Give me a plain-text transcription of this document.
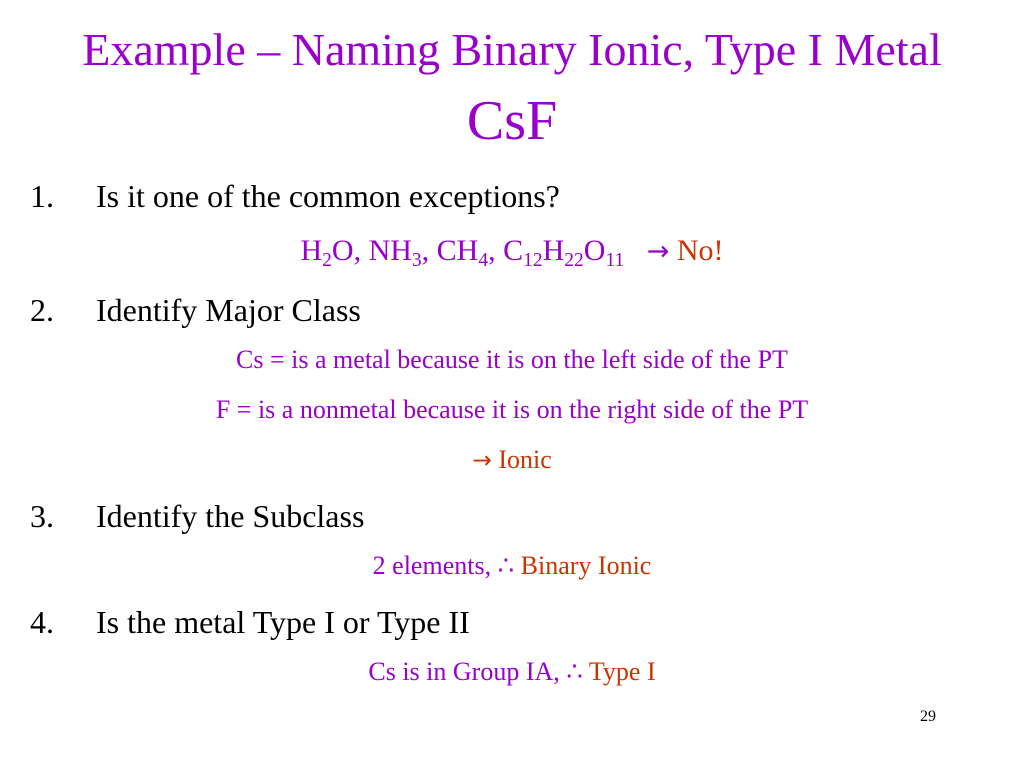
Example – Naming Binary Ionic, Type I Metal
CsF
1. Is it one of the common exceptions?
$H_2O$, $NH_3$, $CH_4$, $C_{12}H_{22}O_{11} \to No$!
2. Identify Major Class
Cs = is a metal because it is on the left side of the PT
F = is a nonmetal because it is on the right side of the PT
→ Ionic
3. Identify the Subclass
2 elements, ∴ Binary Ionic
4. Is the metal Type I or Type II
Cs is in Group IA, ∴ Type I
29
